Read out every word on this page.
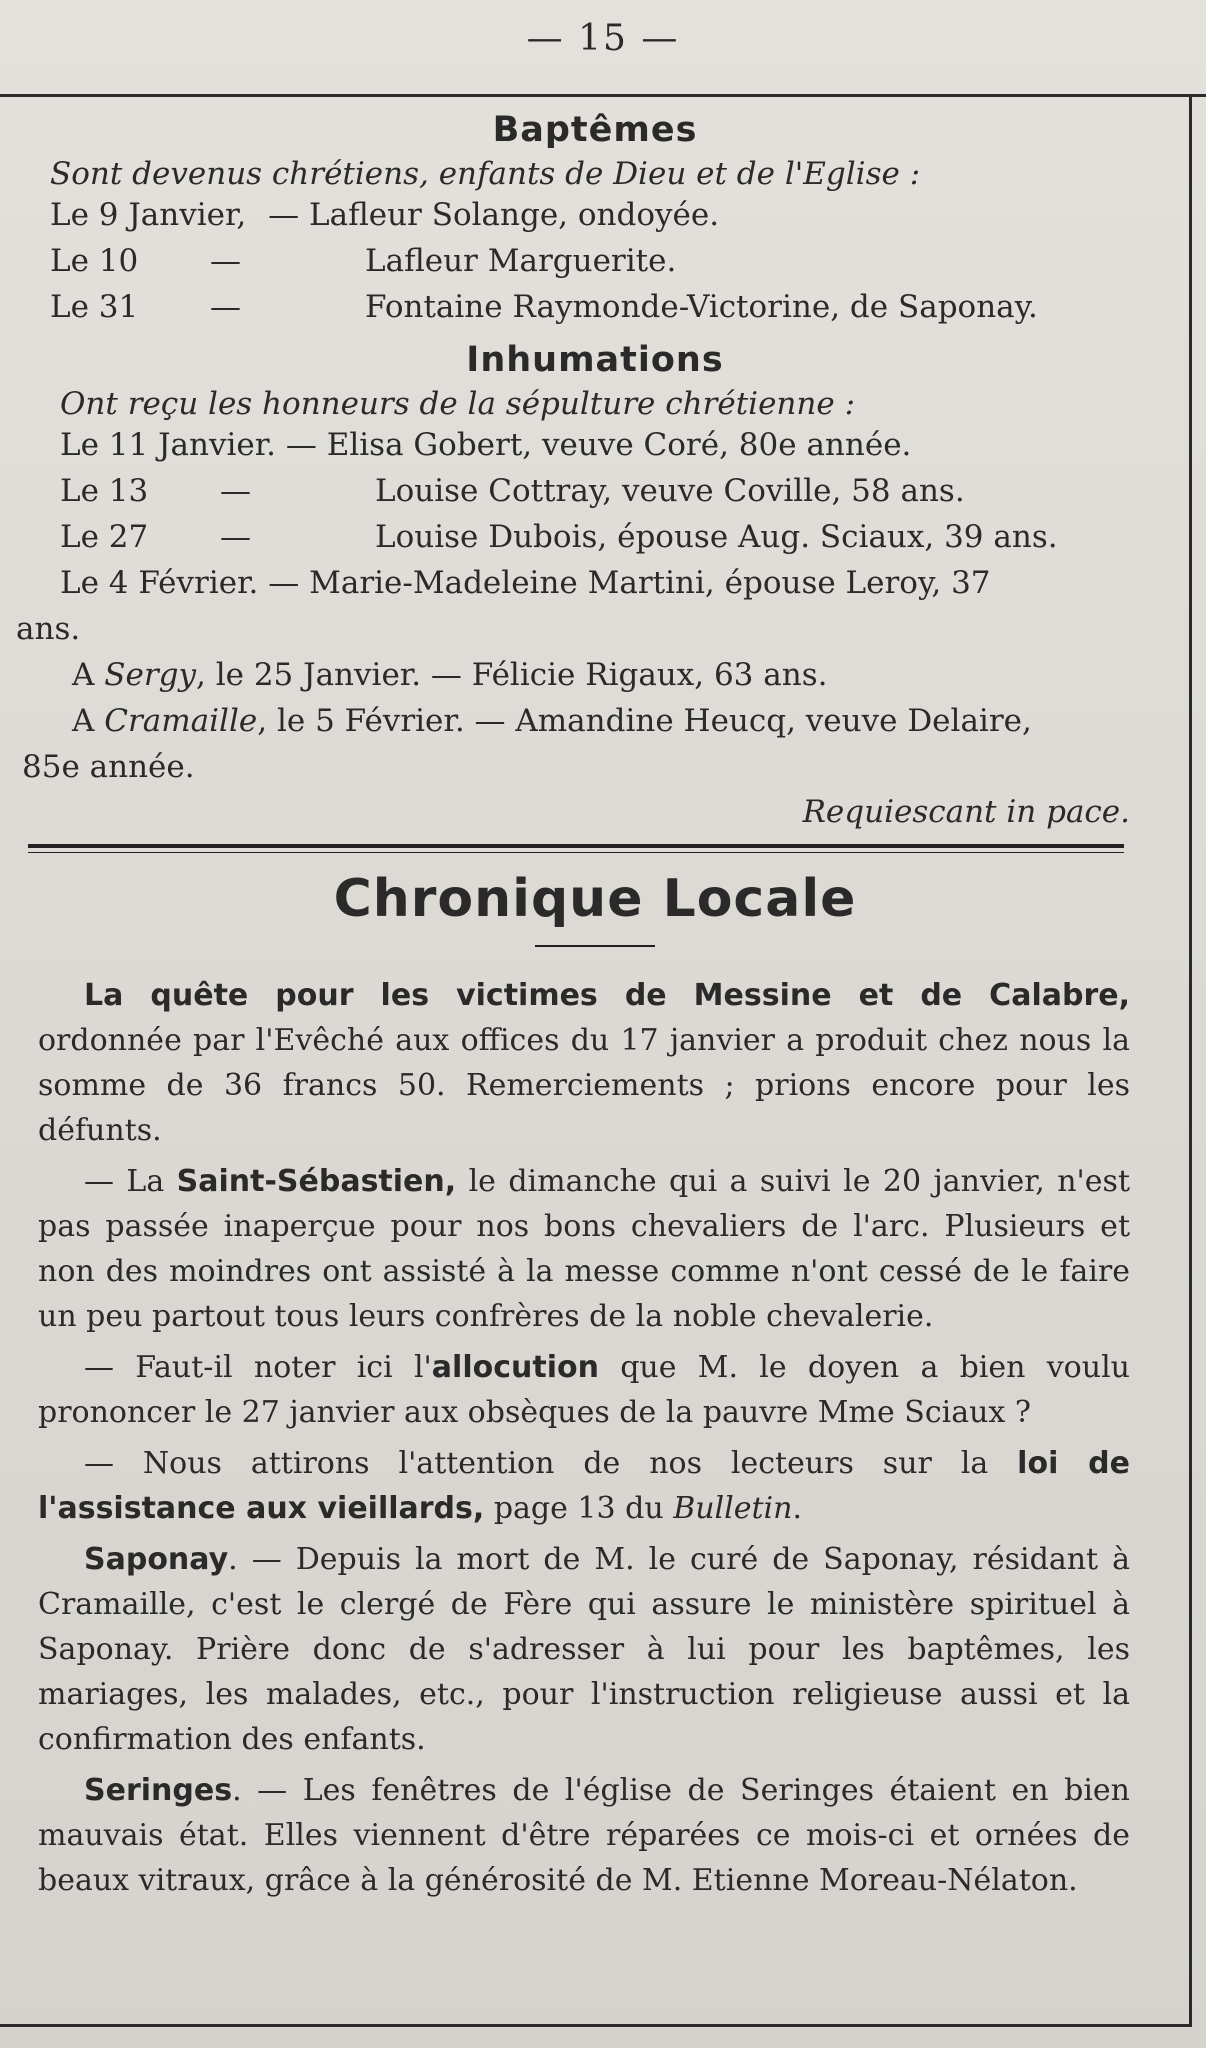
— 15 —
Baptêmes
Sont devenus chrétiens, enfants de Dieu et de l'Eglise :
Le 9 Janvier, — Lafleur Solange, ondoyée.
Le 10	—	Lafleur Marguerite.
Le 31	—	Fontaine Raymonde-Victorine, de Saponay.
Inhumations
Ont reçu les honneurs de la sépulture chrétienne :
Le 11 Janvier. — Elisa Gobert, veuve Coré, 80e année.
Le 13	—	Louise Cottray, veuve Coville, 58 ans.
Le 27	—	Louise Dubois, épouse Aug. Sciaux, 39 ans.
Le 4 Février. — Marie-Madeleine Martini, épouse Leroy, 37
ans.
A Sergy, le 25 Janvier. — Félicie Rigaux, 63 ans.
A Cramaille, le 5 Février. — Amandine Heucq, veuve Delaire,
85e année.
Requiescant in pace.
Chronique Locale

La quête pour les victimes de Messine et de Calabre, ordonnée par l'Evêché aux offices du 17 janvier a produit chez nous la somme de 36 francs 50. Remerciements ; prions encore pour les défunts.

— La Saint-Sébastien, le dimanche qui a suivi le 20 janvier, n'est pas passée inaperçue pour nos bons chevaliers de l'arc. Plusieurs et non des moindres ont assisté à la messe comme n'ont cessé de le faire un peu partout tous leurs confrères de la noble chevalerie.

— Faut-il noter ici l'allocution que M. le doyen a bien voulu prononcer le 27 janvier aux obsèques de la pauvre Mme Sciaux ?

— Nous attirons l'attention de nos lecteurs sur la loi de l'assistance aux vieillards, page 13 du Bulletin.

Saponay. — Depuis la mort de M. le curé de Saponay, résidant à Cramaille, c'est le clergé de Fère qui assure le ministère spirituel à Saponay. Prière donc de s'adresser à lui pour les baptêmes, les mariages, les malades, etc., pour l'instruction religieuse aussi et la confirmation des enfants.

Seringes. — Les fenêtres de l'église de Seringes étaient en bien mauvais état. Elles viennent d'être réparées ce mois-ci et ornées de beaux vitraux, grâce à la générosité de M. Etienne Moreau-Nélaton.
